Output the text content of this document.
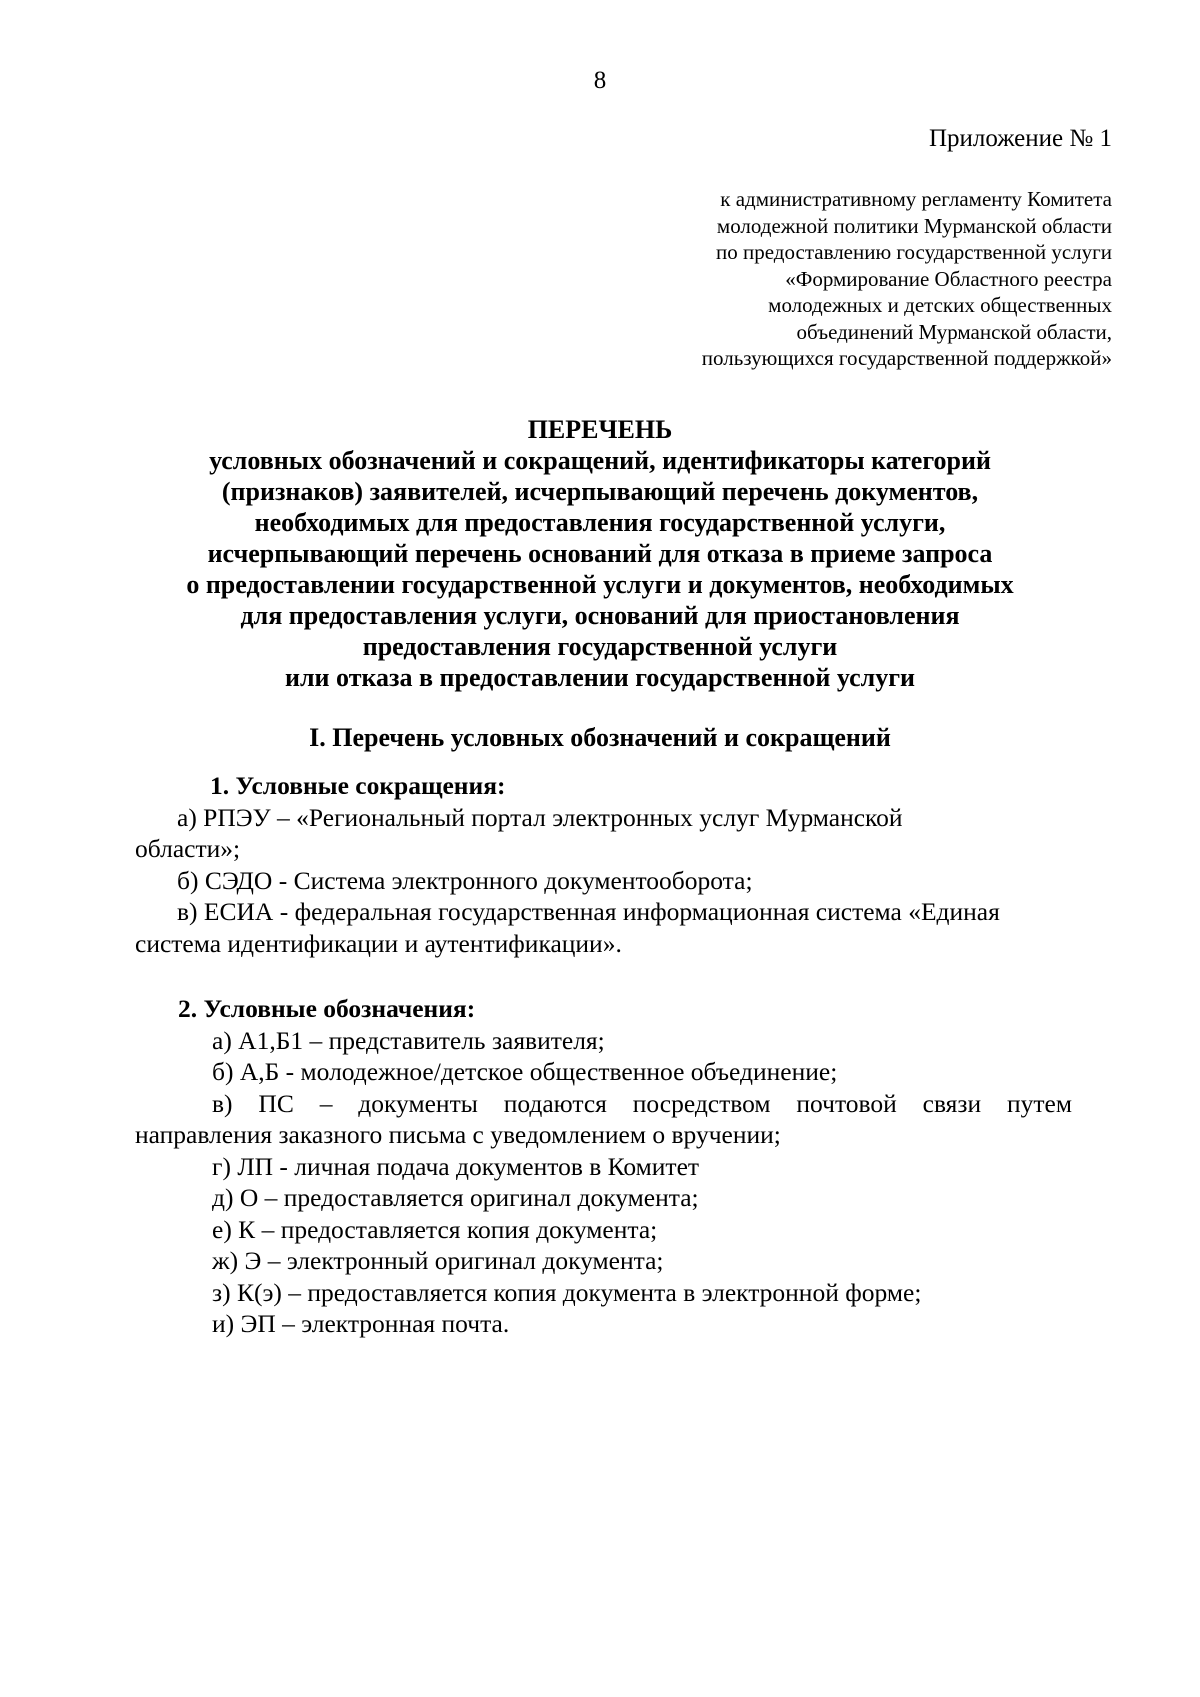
8
Приложение № 1
к административному регламенту Комитета
молодежной политики Мурманской области
по предоставлению государственной услуги
«Формирование Областного реестра
молодежных и детских общественных
объединений Мурманской области,
пользующихся государственной поддержкой»
ПЕРЕЧЕНЬ
условных обозначений и сокращений, идентификаторы категорий
(признаков) заявителей, исчерпывающий перечень документов,
необходимых для предоставления государственной услуги,
исчерпывающий перечень оснований для отказа в приеме запроса
о предоставлении государственной услуги и документов, необходимых
для предоставления услуги, оснований для приостановления
предоставления государственной услуги
или отказа в предоставлении государственной услуги
I. Перечень условных обозначений и сокращений
1. Условные сокращения:
а) РПЭУ – «Региональный портал электронных услуг Мурманской
области»;
б) СЭДО - Система электронного документооборота;
в) ЕСИА - федеральная государственная информационная система «Единая
система идентификации и аутентификации».
2. Условные обозначения:
а) А1,Б1 – представитель заявителя;
б) А,Б - молодежное/детское общественное объединение;
в) ПС – документы подаются посредством почтовой связи путем
направления заказного письма с уведомлением о вручении;
г) ЛП - личная подача документов в Комитет
д) О – предоставляется оригинал документа;
е) К – предоставляется копия документа;
ж) Э – электронный оригинал документа;
з) К(э) – предоставляется копия документа в электронной форме;
и) ЭП – электронная почта.
